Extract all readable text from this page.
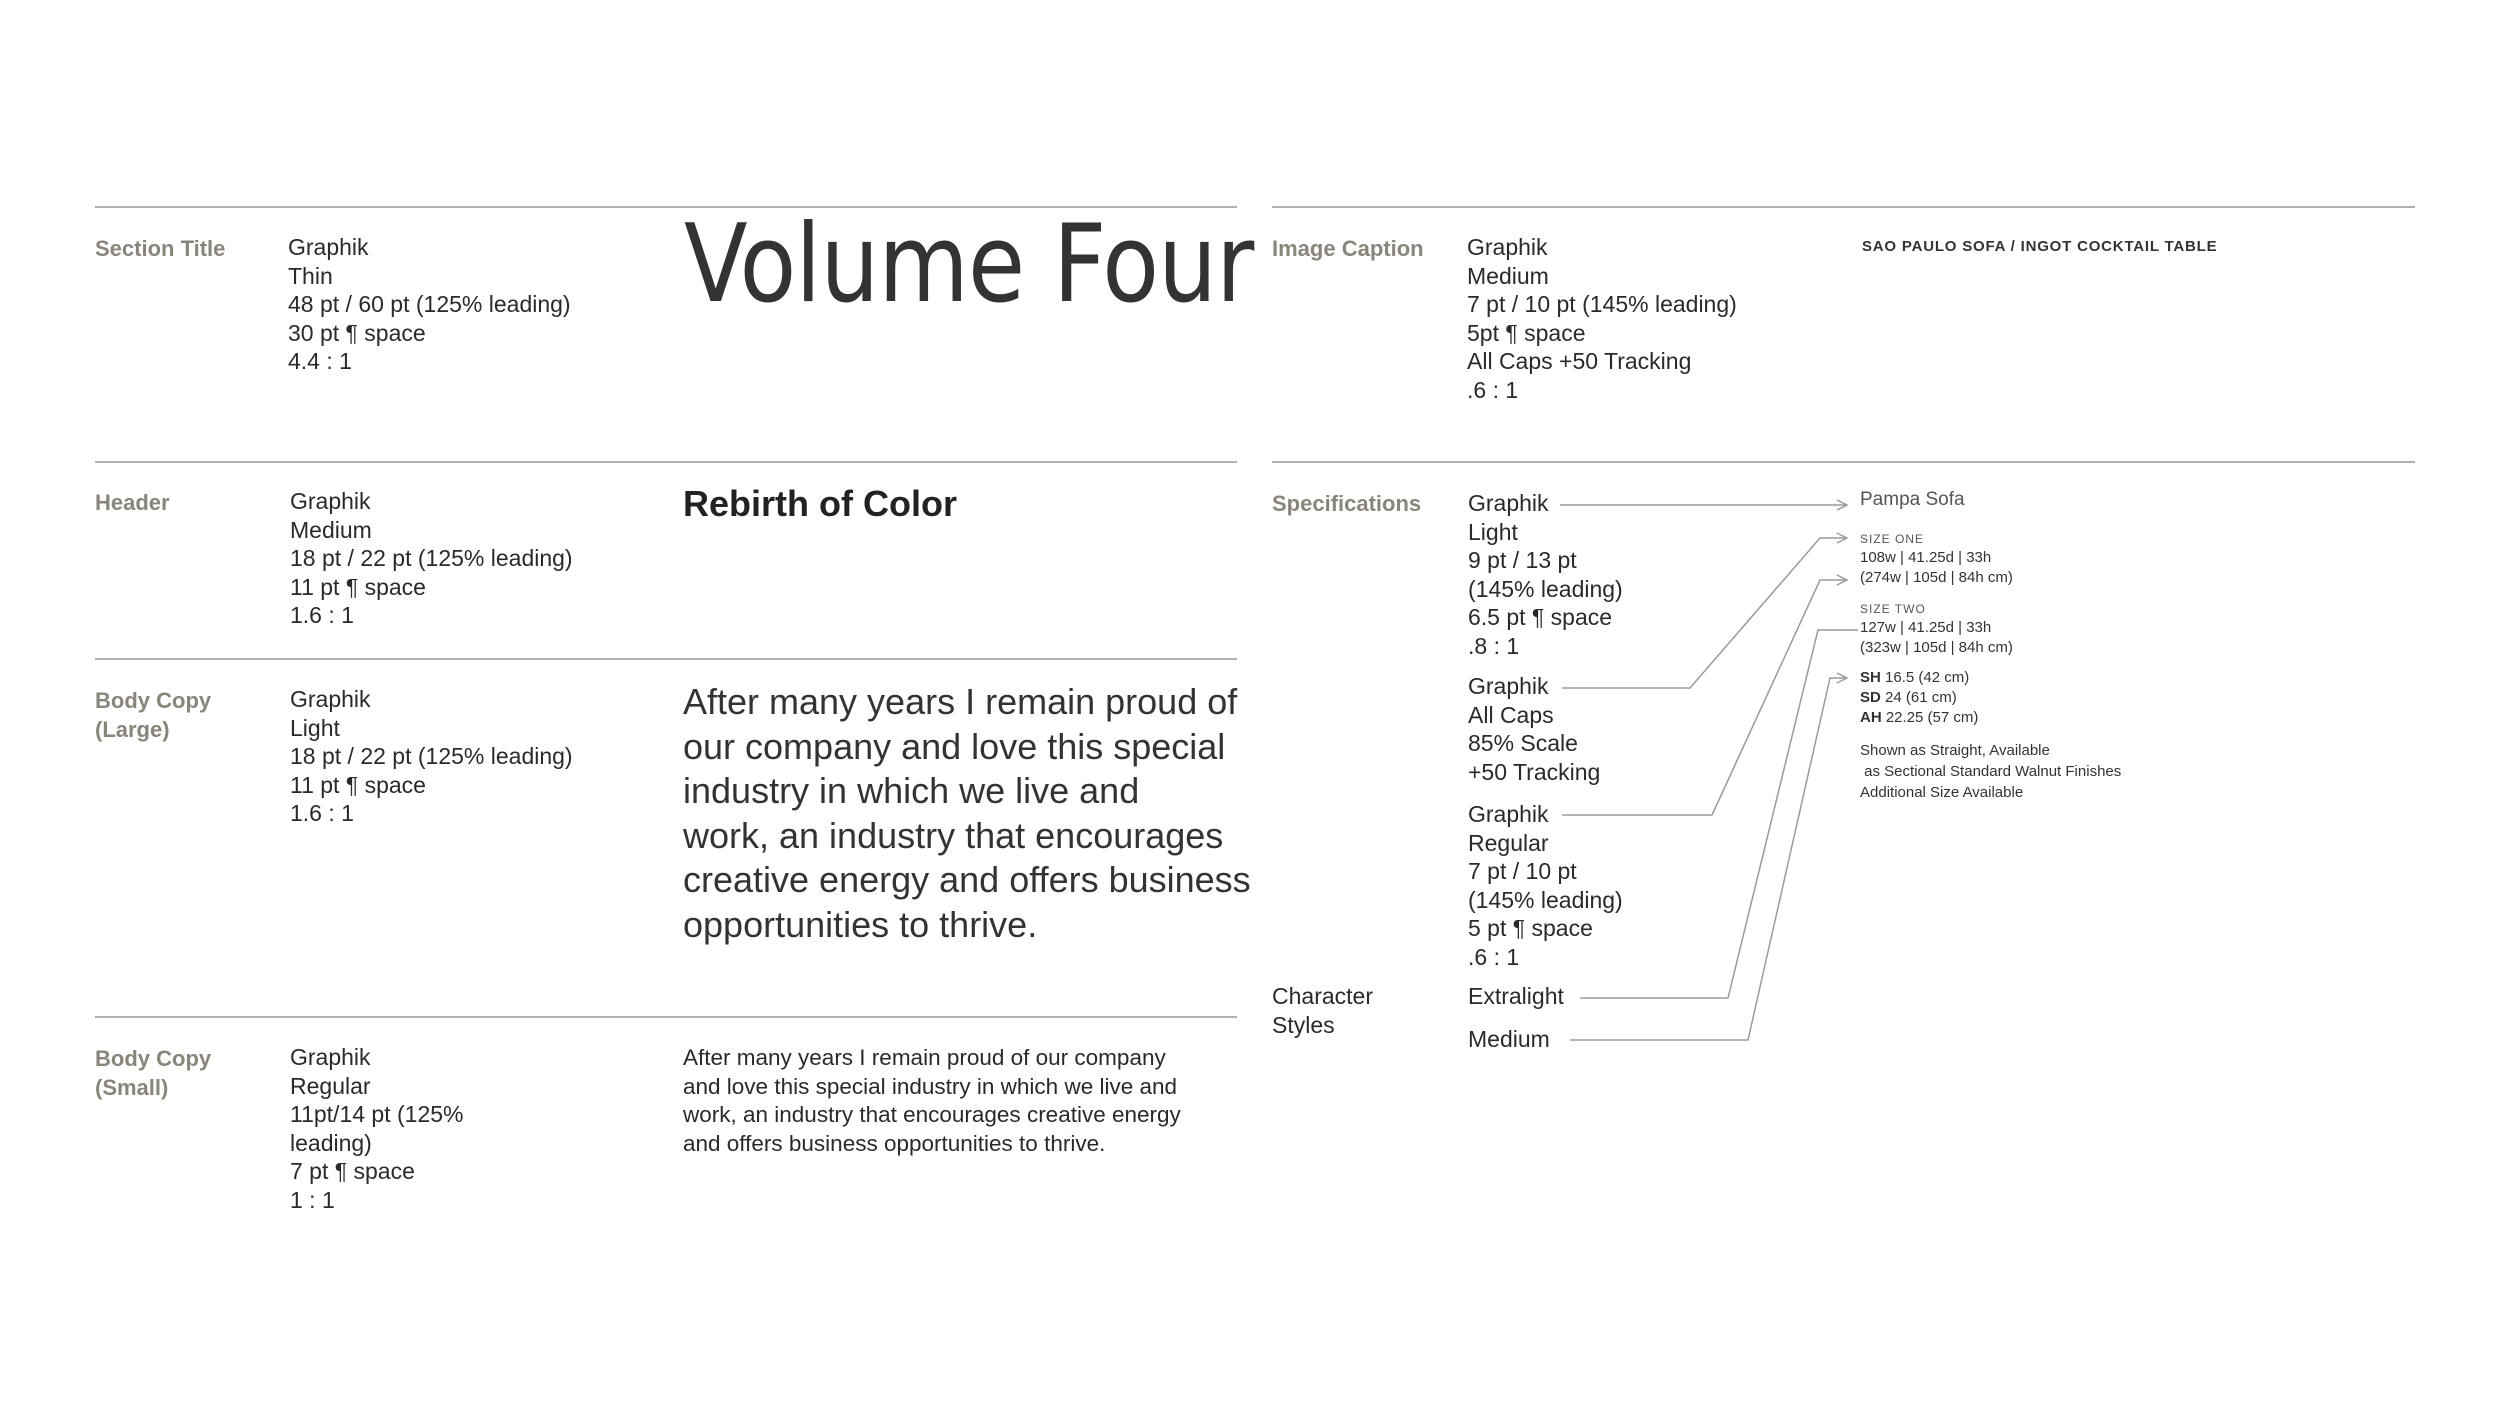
Section Title	Graphik
Thin
48 pt / 60 pt (125% leading)
30 pt ¶ space
4.4 : 1
Volume Four
Header	Graphik
Medium
18 pt / 22 pt (125% leading)
11 pt ¶ space
1.6 : 1
Rebirth of Color
Body Copy
(Large)
Graphik
Light
18 pt / 22 pt (125% leading)
11 pt ¶ space
1.6 : 1
After many years I remain proud of
our company and love this special
industry in which we live and
work, an industry that encourages
creative energy and offers business
opportunities to thrive.
Body Copy
(Small)
Graphik
Regular
11pt/14 pt (125%
leading)
7 pt ¶ space
1 : 1
After many years I remain proud of our company
and love this special industry in which we live and
work, an industry that encourages creative energy
and offers business opportunities to thrive.
Image Caption Graphik
Medium
7 pt / 10 pt (145% leading)
5pt ¶ space
All Caps +50 Tracking
.6 : 1
SAO PAULO SOFA / INGOT COCKTAIL TABLE
Specifications Graphik
Light
9 pt / 13 pt
(145% leading)
6.5 pt ¶ space
.8 : 1
Graphik
All Caps
85% Scale
+50 Tracking
Graphik
Regular
7 pt / 10 pt
(145% leading)
5 pt ¶ space
.6 : 1
Character
Styles
Extralight
Medium
Pampa Sofa
SIZE ONE
108w | 41.25d | 33h
(274w | 105d | 84h cm)
SIZE TWO
127w | 41.25d | 33h
(323w | 105d | 84h cm)
SH 16.5 (42 cm)
SD 24 (61 cm)
AH 22.25 (57 cm)
Shown as Straight, Available
as Sectional Standard Walnut Finishes
Additional Size Available
